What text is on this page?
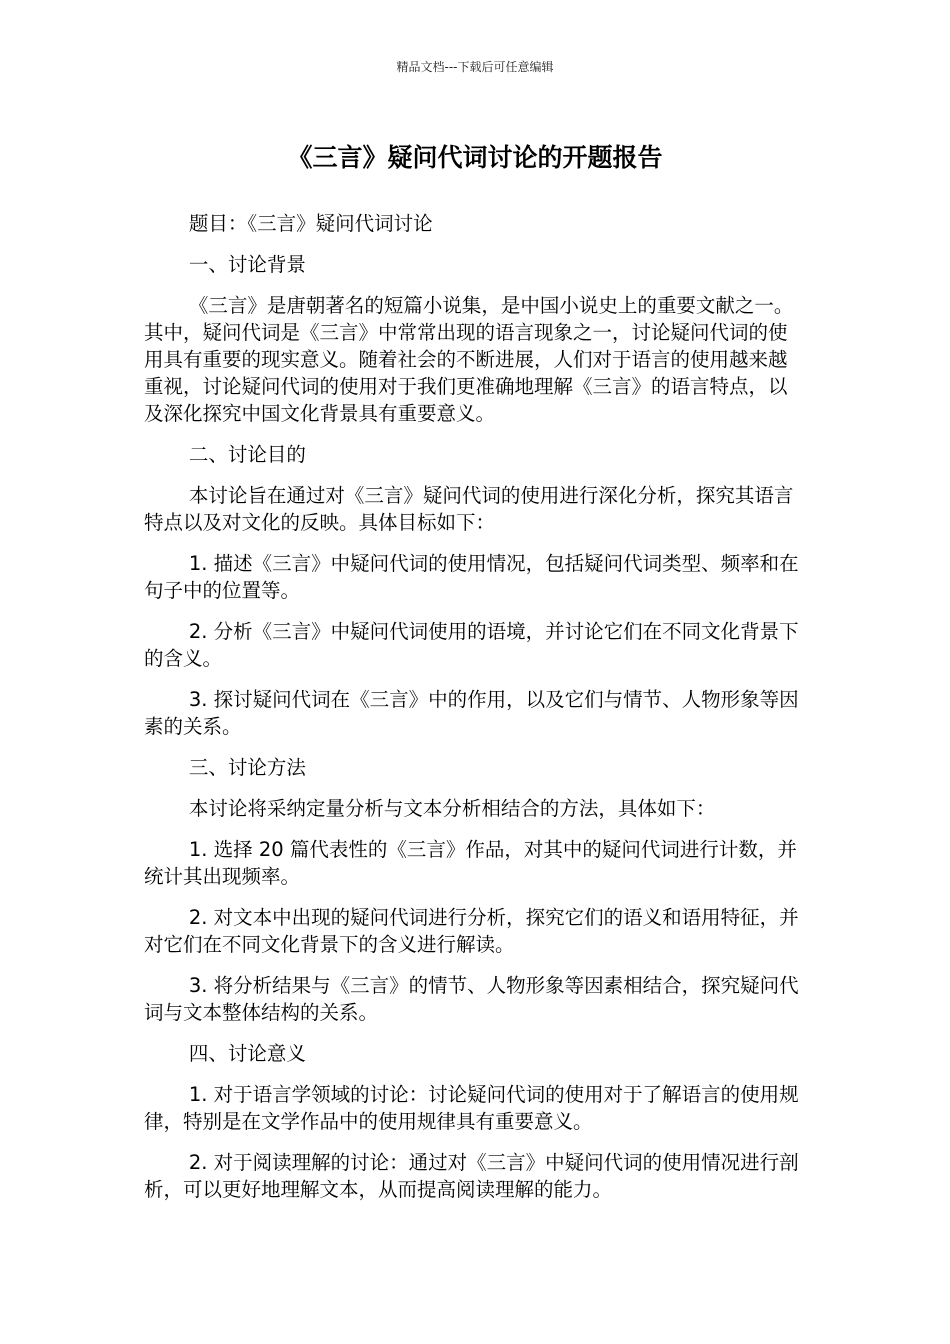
精品文档---下载后可任意编辑
《三言》疑问代词讨论的开题报告

题目：《三言》疑问代词讨论

一、讨论背景

《三言》是唐朝著名的短篇小说集，是中国小说史上的重要文献之一。其中，疑问代词是《三言》中常常出现的语言现象之一，讨论疑问代词的使用具有重要的现实意义。随着社会的不断进展，人们对于语言的使用越来越重视，讨论疑问代词的使用对于我们更准确地理解《三言》的语言特点，以及深化探究中国文化背景具有重要意义。

二、讨论目的

本讨论旨在通过对《三言》疑问代词的使用进行深化分析，探究其语言特点以及对文化的反映。具体目标如下：

1. 描述《三言》中疑问代词的使用情况，包括疑问代词类型、频率和在句子中的位置等。

2. 分析《三言》中疑问代词使用的语境，并讨论它们在不同文化背景下的含义。

3. 探讨疑问代词在《三言》中的作用，以及它们与情节、人物形象等因素的关系。

三、讨论方法

本讨论将采纳定量分析与文本分析相结合的方法，具体如下：

1. 选择 20 篇代表性的《三言》作品，对其中的疑问代词进行计数，并统计其出现频率。

2. 对文本中出现的疑问代词进行分析，探究它们的语义和语用特征，并对它们在不同文化背景下的含义进行解读。

3. 将分析结果与《三言》的情节、人物形象等因素相结合，探究疑问代词与文本整体结构的关系。

四、讨论意义

1. 对于语言学领域的讨论：讨论疑问代词的使用对于了解语言的使用规律，特别是在文学作品中的使用规律具有重要意义。

2. 对于阅读理解的讨论：通过对《三言》中疑问代词的使用情况进行剖析，可以更好地理解文本，从而提高阅读理解的能力。
